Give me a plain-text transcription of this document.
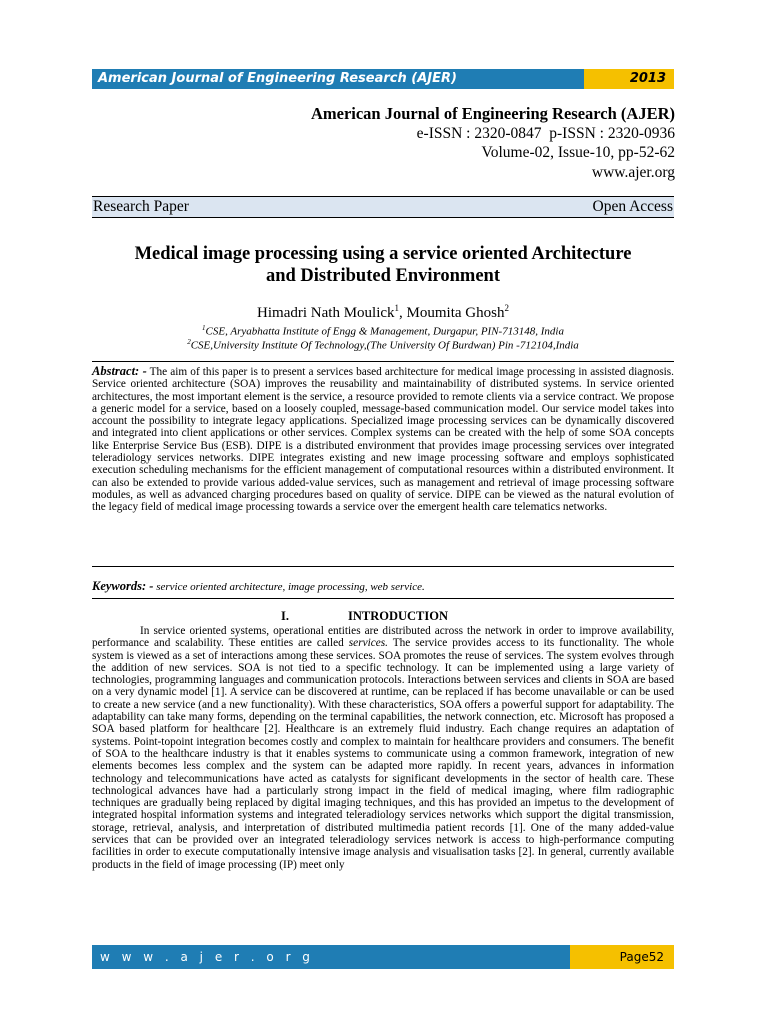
American Journal of Engineering Research (AJER)	2013
American Journal of Engineering Research (AJER)
e-ISSN : 2320-0847  p-ISSN : 2320-0936
Volume-02, Issue-10, pp-52-62
www.ajer.org
Research Paper	Open Access
Medical image processing using a service oriented Architecture
and Distributed Environment
Himadri Nath Moulick$^1$, Moumita Ghosh$^2$
$^1$CSE, Aryabhatta Institute of Engg & Management, Durgapur, PIN-713148, India
$^2$CSE,University Institute Of Technology,(The University Of Burdwan) Pin -712104,India

Abstract: - The aim of this paper is to present a services based architecture for medical image processing in assisted diagnosis. Service oriented architecture (SOA) improves the reusability and maintainability of distributed systems. In service oriented architectures, the most important element is the service, a resource provided to remote clients via a service contract. We propose a generic model for a service, based on a loosely coupled, message-based communication model. Our service model takes into account the possibility to integrate legacy applications. Specialized image processing services can be dynamically discovered and integrated into client applications or other services. Complex systems can be created with the help of some SOA concepts like Enterprise Service Bus (ESB). DIPE is a distributed environment that provides image processing services over integrated teleradiology services networks. DIPE integrates existing and new image processing software and employs sophisticated execution scheduling mechanisms for the efficient management of computational resources within a distributed environment. It can also be extended to provide various added-value services, such as management and retrieval of image processing software modules, as well as advanced charging procedures based on quality of service. DIPE can be viewed as the natural evolution of the legacy field of medical image processing towards a service over the emergent health care telematics networks.

Keywords: - service oriented architecture, image processing, web service.
I.	INTRODUCTION

In service oriented systems, operational entities are distributed across the network in order to improve availability, performance and scalability. These entities are called services. The service provides access to its functionality. The whole system is viewed as a set of interactions among these services. SOA promotes the reuse of services. The system evolves through the addition of new services. SOA is not tied to a specific technology. It can be implemented using a large variety of technologies, programming languages and communication protocols. Interactions between services and clients in SOA are based on a very dynamic model [1]. A service can be discovered at runtime, can be replaced if has become unavailable or can be used to create a new service (and a new functionality). With these characteristics, SOA offers a powerful support for adaptability. The adaptability can take many forms, depending on the terminal capabilities, the network connection, etc. Microsoft has proposed a SOA based platform for healthcare [2]. Healthcare is an extremely fluid industry. Each change requires an adaptation of systems. Point-topoint integration becomes costly and complex to maintain for healthcare providers and consumers. The benefit of SOA to the healthcare industry is that it enables systems to communicate using a common framework, integration of new elements becomes less complex and the system can be adapted more rapidly. In recent years, advances in information technology and telecommunications have acted as catalysts for significant developments in the sector of health care. These technological advances have had a particularly strong impact in the field of medical imaging, where film radiographic techniques are gradually being replaced by digital imaging techniques, and this has provided an impetus to the development of integrated hospital information systems and integrated teleradiology services networks which support the digital transmission, storage, retrieval, analysis, and interpretation of distributed multimedia patient records [1]. One of the many added-value services that can be provided over an integrated teleradiology services network is access to high-performance computing facilities in order to execute computationally intensive image analysis and visualisation tasks [2]. In general, currently available products in the field of image processing (IP) meet only

w w w . a j e r . o r g	Page52
